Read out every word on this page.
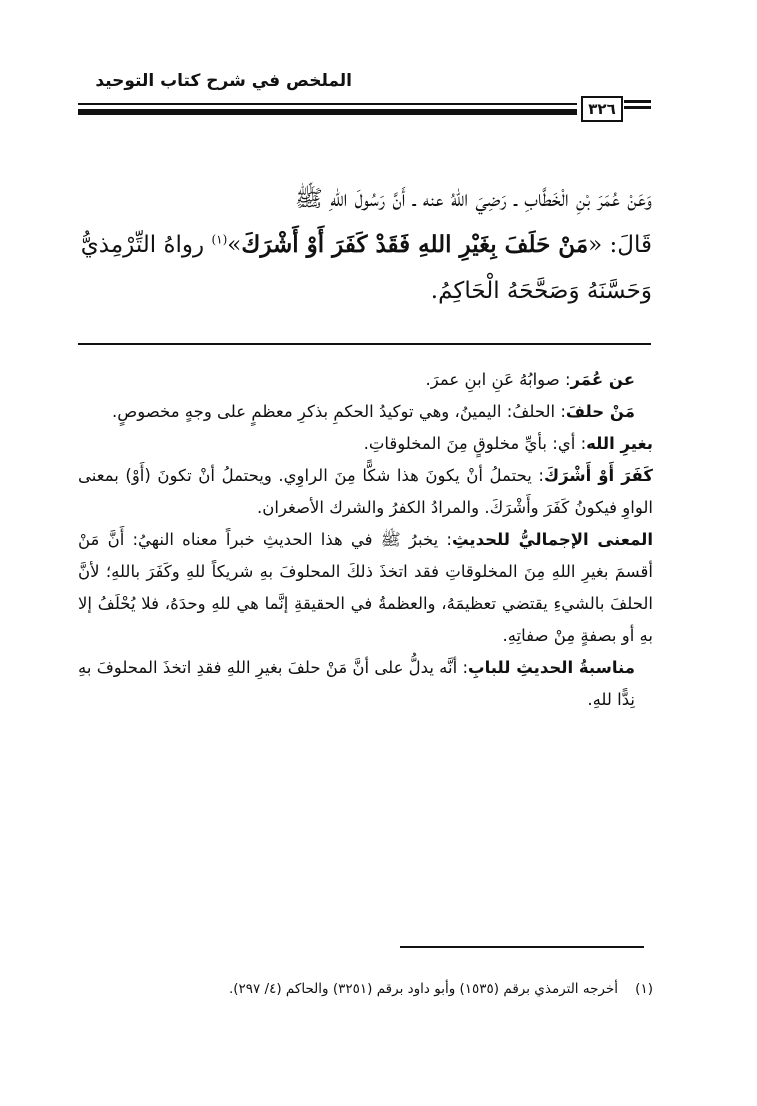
الملخص في شرح كتاب التوحيد
٣٢٦
وَعَنْ عُمَرَ بْنِ الْخَطَّابِ ـ رَضِيَ اللهُ عنه ـ أَنَّ رَسُولَ اللهِ ﷺ
قَالَ: «مَنْ حَلَفَ بِغَيْرِ اللهِ فَقَدْ كَفَرَ أَوْ أَشْرَكَ»$^{(١)}$ رواهُ التِّرْمِذيُّ
وَحَسَّنَهُ وَصَحَّحَهُ الْحَاكِمُ.

عن عُمَر: صوابُهُ عَنِ ابنِ عمرَ.

مَنْ حلفَ: الحلفُ: اليمينُ، وهي توكيدُ الحكمِ بذكرِ معظمٍ على وجهٍ مخصوصٍ.

بغيرِ الله: أي: بأيِّ مخلوقٍ مِنَ المخلوقاتِ.

كَفَرَ أَوْ أَشْرَكَ: يحتملُ أنْ يكونَ هذا شكًّا مِنَ الراوِي. ويحتملُ أنْ تكونَ (أَوْ) بمعنى الواوِ فيكونُ كَفَرَ وأَشْرَكَ. والمرادُ الكفرُ والشرك الأصغران.

المعنى الإجماليُّ للحديثِ: يخبرُ ﷺ في هذا الحديثِ خبراً معناه النهيُ: أَنَّ مَنْ أقسمَ بغيرِ اللهِ مِنَ المخلوقاتِ فقد اتخذَ ذلكَ المحلوفَ بهِ شريكاً للهِ وكَفَرَ باللهِ؛ لأنَّ الحلفَ بالشيءِ يقتضي تعظيمَهُ، والعظمةُ في الحقيقةِ إنَّما هي للهِ وحدَهُ، فلا يُحْلَفُ إلا بهِ أو بصفةٍ مِنْ صفاتِهِ.

مناسبةُ الحديثِ للبابِ: أنَّه يدلُّ على أنَّ مَنْ حلفَ بغيرِ اللهِ فقدِ اتخذَ المحلوفَ بهِ نِدًّا للهِ.

(١)    أخرجه الترمذي برقم (١٥٣٥) وأبو داود برقم (٣٢٥١) والحاكم (٤/ ٢٩٧).
